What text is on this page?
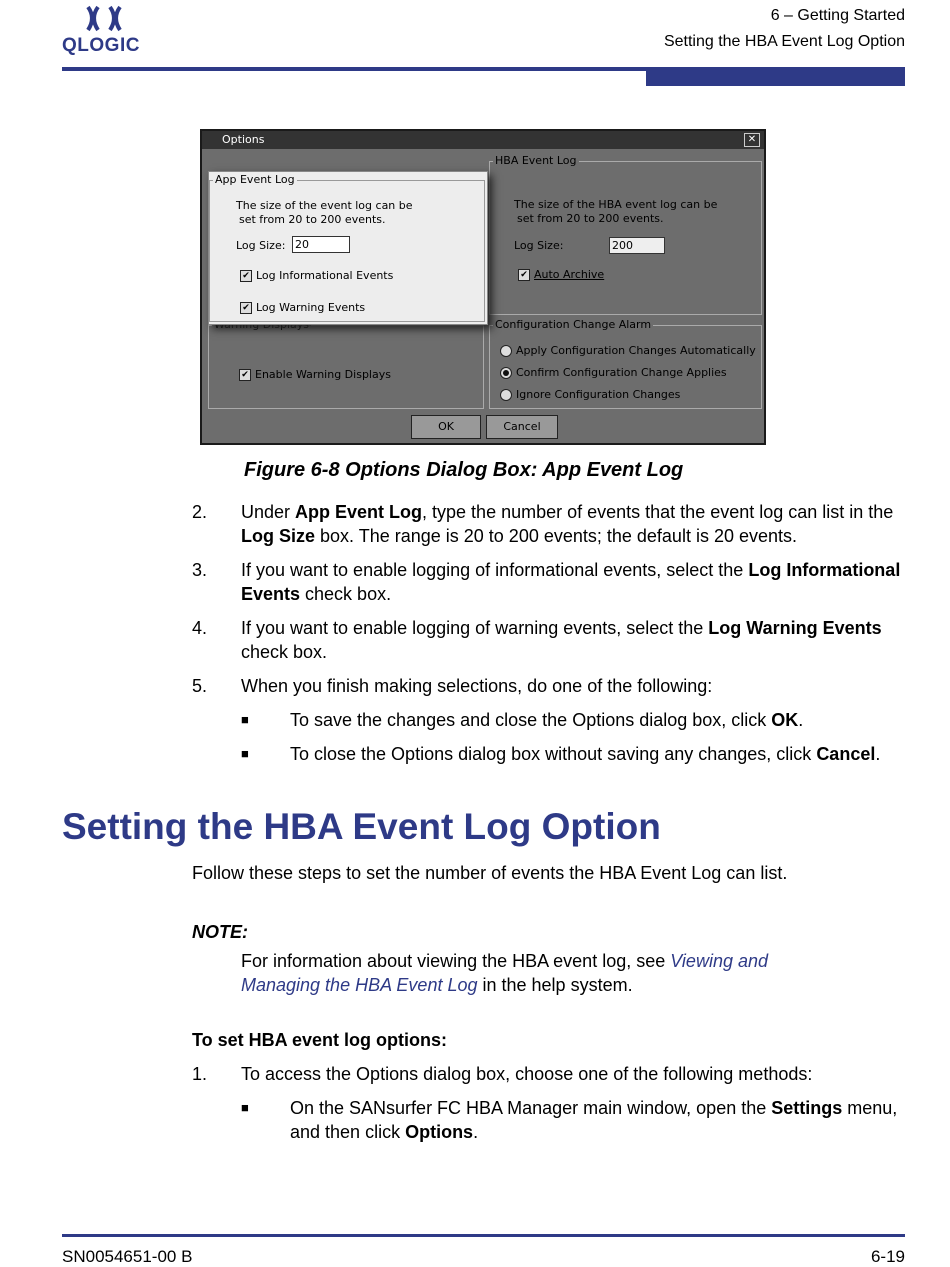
QLOGIC
6 – Getting Started
Setting the HBA Event Log Option
Options	✕
HBA Event Log
The size of the HBA event log can be
set from 20 to 200 events.
Log Size:	200
✔ Auto Archive
✔ Enable Warning Displays
Configuration Change Alarm
Apply Configuration Changes Automatically
Confirm Configuration Change Applies
Ignore Configuration Changes
OK	Cancel
App Event Log
The size of the event log can be
set from 20 to 200 events.
Log Size: 20
✔ Log Informational Events
✔ Log Warning Events
Figure 6-8 Options Dialog Box: App Event Log
2. Under App Event Log, type the number of events that the event log can list in the Log Size box. The range is 20 to 200 events; the default is 20 events.
3. If you want to enable logging of informational events, select the Log Informational Events check box.
4. If you want to enable logging of warning events, select the Log Warning Events check box.
5. When you finish making selections, do one of the following:
■ To save the changes and close the Options dialog box, click OK.
■ To close the Options dialog box without saving any changes, click Cancel.
Setting the HBA Event Log Option
Follow these steps to set the number of events the HBA Event Log can list.
NOTE:
For information about viewing the HBA event log, see Viewing and Managing the HBA Event Log in the help system.
To set HBA event log options:
1. To access the Options dialog box, choose one of the following methods:
■ On the SANsurfer FC HBA Manager main window, open the Settings menu, and then click Options.
SN0054651-00 B	6-19
